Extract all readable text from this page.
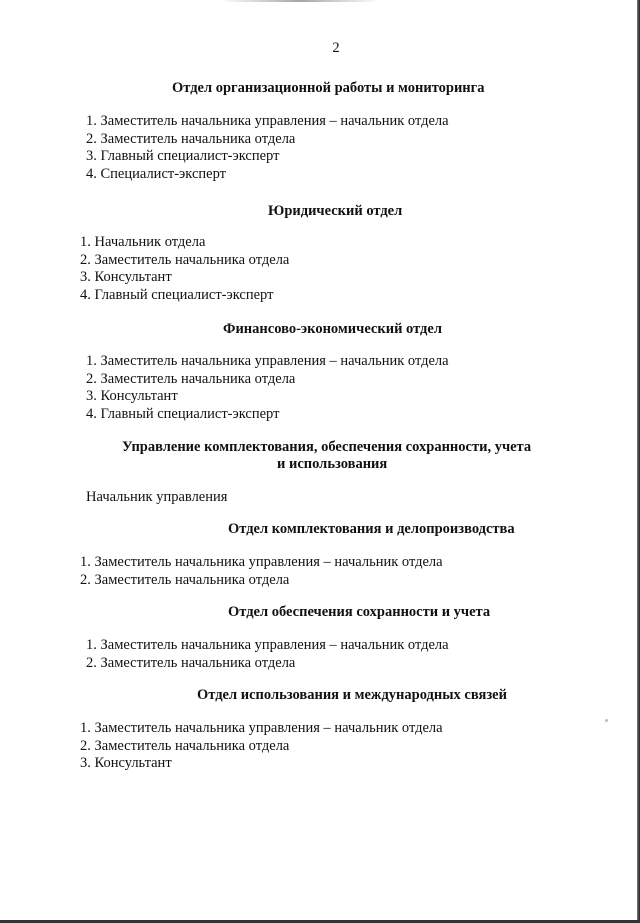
2
Отдел организационной работы и мониторинга
1. Заместитель начальника управления – начальник отдела
2. Заместитель начальника отдела
3. Главный специалист-эксперт
4. Специалист-эксперт
Юридический отдел
1. Начальник отдела
2. Заместитель начальника отдела
3. Консультант
4. Главный специалист-эксперт
Финансово-экономический отдел
1. Заместитель начальника управления – начальник отдела
2. Заместитель начальника отдела
3. Консультант
4. Главный специалист-эксперт
Управление комплектования, обеспечения сохранности, учета
и использования
Начальник управления
Отдел комплектования и делопроизводства
1. Заместитель начальника управления – начальник отдела
2. Заместитель начальника отдела
Отдел обеспечения сохранности и учета
1. Заместитель начальника управления – начальник отдела
2. Заместитель начальника отдела
Отдел использования и международных связей
1. Заместитель начальника управления – начальник отдела
2. Заместитель начальника отдела
3. Консультант
